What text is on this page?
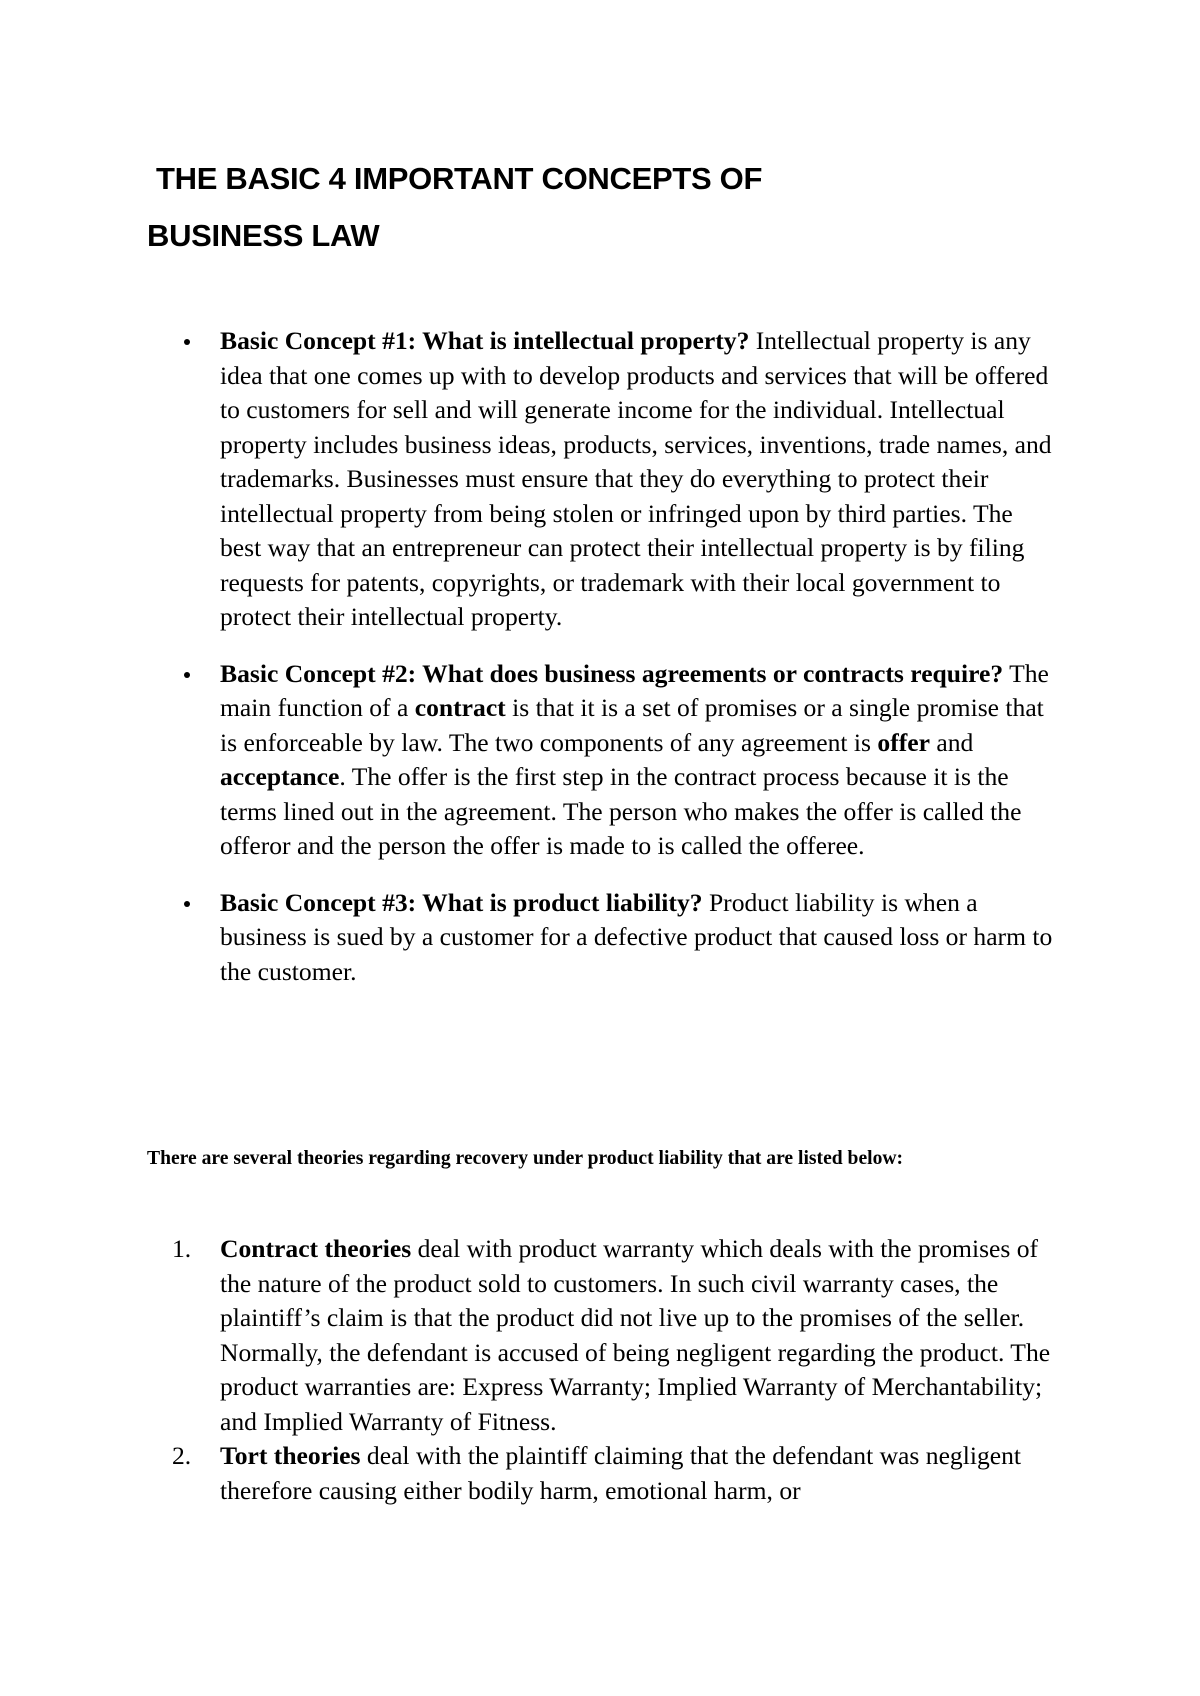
THE BASIC 4 IMPORTANT CONCEPTS OF
BUSINESS LAW
Basic Concept #1: What is intellectual property? Intellectual property is any idea that one comes up with to develop products and services that will be offered to customers for sell and will generate income for the individual. Intellectual property includes business ideas, products, services, inventions, trade names, and trademarks. Businesses must ensure that they do everything to protect their intellectual property from being stolen or infringed upon by third parties. The best way that an entrepreneur can protect their intellectual property is by filing requests for patents, copyrights, or trademark with their local government to protect their intellectual property.
Basic Concept #2: What does business agreements or contracts require? The main function of a contract is that it is a set of promises or a single promise that is enforceable by law. The two components of any agreement is offer and acceptance. The offer is the first step in the contract process because it is the terms lined out in the agreement. The person who makes the offer is called the offeror and the person the offer is made to is called the offeree.
Basic Concept #3: What is product liability? Product liability is when a business is sued by a customer for a defective product that caused loss or harm to the customer.
There are several theories regarding recovery under product liability that are listed below:
1. Contract theories deal with product warranty which deals with the promises of the nature of the product sold to customers. In such civil warranty cases, the plaintiff’s claim is that the product did not live up to the promises of the seller. Normally, the defendant is accused of being negligent regarding the product. The product warranties are: Express Warranty; Implied Warranty of Merchantability; and Implied Warranty of Fitness.
2. Tort theories deal with the plaintiff claiming that the defendant was negligent therefore causing either bodily harm, emotional harm, or
